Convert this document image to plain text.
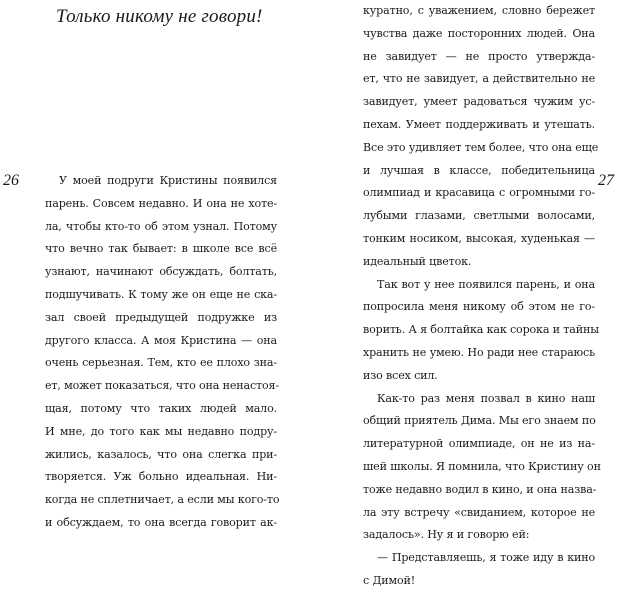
Только никому не говори!
26	У моей подруги Кристины появился
парень. Совсем недавно. И она не хоте-
ла, чтобы кто-то об этом узнал. Потому
что вечно так бывает: в школе все всё
узнают, начинают обсуждать, болтать,
подшучивать. К тому же он еще не ска-
зал своей предыдущей подружке из
другого класса. А моя Кристина — она
очень серьезная. Тем, кто ее плохо зна-
ет, может показаться, что она ненастоя-
щая, потому что таких людей мало.
И мне, до того как мы недавно подру-
жились, казалось, что она слегка при-
творяется. Уж больно идеальная. Ни-
когда не сплетничает, а если мы кого-то
и обсуждаем, то она всегда говорит ак-
куратно, с уважением, словно бережет
чувства даже посторонних людей. Она
не завидует — не просто утвержда-
ет, что не завидует, а действительно не
завидует, умеет радоваться чужим ус-
пехам. Умеет поддерживать и утешать.
Все это удивляет тем более, что она еще
и лучшая в классе, победительница
олимпиад и красавица с огромными го-
лубыми глазами, светлыми волосами,
тонким носиком, высокая, худенькая —
идеальный цветок.
Так вот у нее появился парень, и она
попросила меня никому об этом не го-
ворить. А я болтайка как сорока и тайны
хранить не умею. Но ради нее стараюсь
изо всех сил.
Как-то раз меня позвал в кино наш
общий приятель Дима. Мы его знаем по
литературной олимпиаде, он не из на-
шей школы. Я помнила, что Кристину он
тоже недавно водил в кино, и она назва-
ла эту встречу «свиданием, которое не
задалось». Ну я и говорю ей:
— Представляешь, я тоже иду в кино
с Димой!
27
